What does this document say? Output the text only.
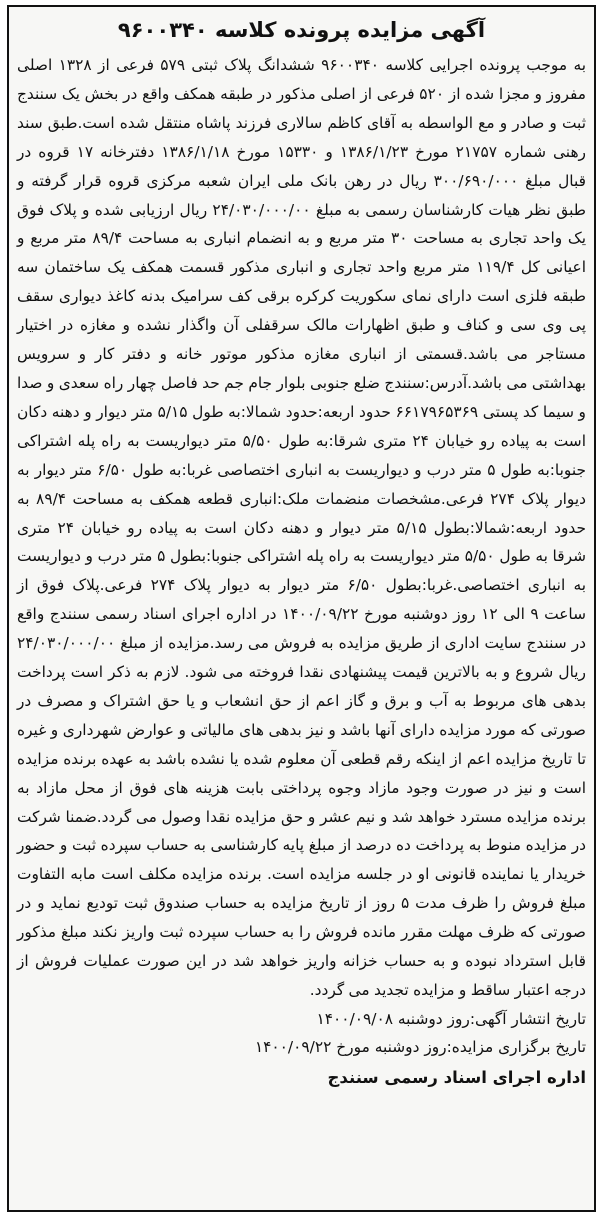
آگهی مزایده پرونده کلاسه ۹۶۰۰۳۴۰
به موجب پرونده اجرایی کلاسه ۹۶۰۰۳۴۰ ششدانگ پلاک ثبتی ۵۷۹ فرعی از ۱۳۲۸ اصلی مفروز و مجزا شده از ۵۲۰ فرعی از اصلی مذکور در طبقه همکف واقع در بخش یک سنندج ثبت و صادر و مع الواسطه به آقای کاظم سالاری فرزند پاشاه منتقل شده است.طبق سند رهنی شماره ۲۱۷۵۷ مورخ ۱۳۸۶/۱/۲۳ و ۱۵۳۳۰ مورخ ۱۳۸۶/۱/۱۸ دفترخانه ۱۷ قروه در قبال مبلغ ۳۰۰/۶۹۰/۰۰۰ ریال در رهن بانک ملی ایران شعبه مرکزی قروه قرار گرفته و طبق نظر هیات کارشناسان رسمی به مبلغ ۲۴/۰۳۰/۰۰۰/۰۰ ریال ارزیابی شده و پلاک فوق یک واحد تجاری به مساحت ۳۰ متر مربع و به انضمام انباری به مساحت ۸۹/۴ متر مربع و اعیانی کل ۱۱۹/۴ متر مربع واحد تجاری و انباری مذکور قسمت همکف یک ساختمان سه طبقه فلزی است دارای نمای سکوریت کرکره برقی کف سرامیک بدنه کاغذ دیواری سقف پی وی سی و کناف و طبق اظهارات مالک سرقفلی آن واگذار نشده و مغازه در اختیار مستاجر می باشد.قسمتی از انباری مغازه مذکور موتور خانه و دفتر کار و سرویس بهداشتی می باشد.آدرس:سنندج ضلع جنوبی بلوار جام جم حد فاصل چهار راه سعدی و صدا و سیما کد پستی ۶۶۱۷۹۶۵۳۶۹ حدود اربعه:حدود شمالا:به طول ۵/۱۵ متر دیوار و دهنه دکان است به پیاده رو خیابان ۲۴ متری شرقا:به طول ۵/۵۰ متر دیواریست به راه پله اشتراکی جنوبا:به طول ۵ متر درب و دیواریست به انباری اختصاصی غربا:به طول ۶/۵۰ متر دیوار به دیوار پلاک ۲۷۴ فرعی.مشخصات منضمات ملک:انباری قطعه همکف به مساحت ۸۹/۴ به حدود اربعه:شمالا:بطول ۵/۱۵ متر دیوار و دهنه دکان است به پیاده رو خیابان ۲۴ متری شرقا به طول ۵/۵۰ متر دیواریست به راه پله اشتراکی جنوبا:بطول ۵ متر درب و دیواریست به انباری اختصاصی.غربا:بطول ۶/۵۰ متر دیوار به دیوار پلاک ۲۷۴ فرعی.پلاک فوق از ساعت ۹ الی ۱۲ روز دوشنبه مورخ ۱۴۰۰/۰۹/۲۲ در اداره اجرای اسناد رسمی سنندج واقع در سنندج سایت اداری از طریق مزایده به فروش می رسد.مزایده از مبلغ ۲۴/۰۳۰/۰۰۰/۰۰ ریال شروع و به بالاترین قیمت پیشنهادی نقدا فروخته می شود. لازم به ذکر است پرداخت بدهی های مربوط به آب و برق و گاز اعم از حق انشعاب و یا حق اشتراک و مصرف در صورتی که مورد مزایده دارای آنها باشد و نیز بدهی های مالیاتی و عوارض شهرداری و غیره تا تاریخ مزایده اعم از اینکه رقم قطعی آن معلوم شده یا نشده باشد به عهده برنده مزایده است و نیز در صورت وجود مازاد وجوه پرداختی بابت هزینه های فوق از محل مازاد به برنده مزایده مسترد خواهد شد و نیم عشر و حق مزایده نقدا وصول می گردد.ضمنا شرکت در مزایده منوط به پرداخت ده درصد از مبلغ پایه کارشناسی به حساب سپرده ثبت و حضور خریدار یا نماینده قانونی او در جلسه مزایده است. برنده مزایده مکلف است مابه التفاوت مبلغ فروش را ظرف مدت ۵ روز از تاریخ مزایده به حساب صندوق ثبت تودیع نماید و در صورتی که ظرف مهلت مقرر مانده فروش را به حساب سپرده ثبت واریز نکند مبلغ مذکور قابل استرداد نبوده و به حساب خزانه واریز خواهد شد در این صورت عملیات فروش از درجه اعتبار ساقط و مزایده تجدید می گردد.
تاریخ انتشار آگهی:روز دوشنبه ۱۴۰۰/۰۹/۰۸
تاریخ برگزاری مزایده:روز دوشنبه مورخ ۱۴۰۰/۰۹/۲۲
اداره اجرای اسناد رسمی سنندج
